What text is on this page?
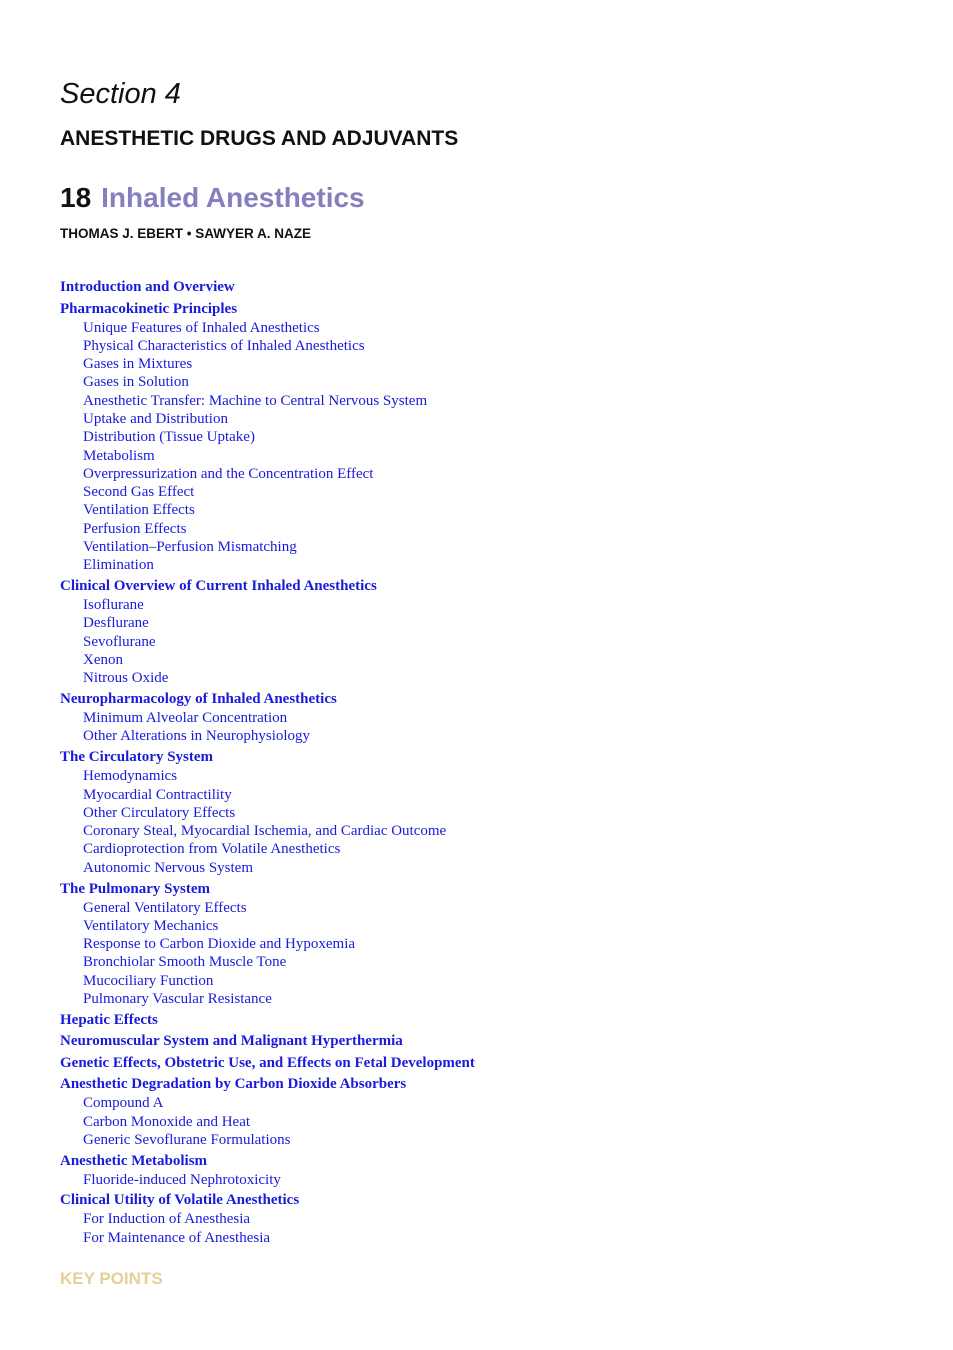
Section 4
ANESTHETIC DRUGS AND ADJUVANTS
18 Inhaled Anesthetics
THOMAS J. EBERT • SAWYER A. NAZE
Introduction and Overview
Pharmacokinetic Principles
Unique Features of Inhaled Anesthetics
Physical Characteristics of Inhaled Anesthetics
Gases in Mixtures
Gases in Solution
Anesthetic Transfer: Machine to Central Nervous System
Uptake and Distribution
Distribution (Tissue Uptake)
Metabolism
Overpressurization and the Concentration Effect
Second Gas Effect
Ventilation Effects
Perfusion Effects
Ventilation–Perfusion Mismatching
Elimination
Clinical Overview of Current Inhaled Anesthetics
Isoflurane
Desflurane
Sevoflurane
Xenon
Nitrous Oxide
Neuropharmacology of Inhaled Anesthetics
Minimum Alveolar Concentration
Other Alterations in Neurophysiology
The Circulatory System
Hemodynamics
Myocardial Contractility
Other Circulatory Effects
Coronary Steal, Myocardial Ischemia, and Cardiac Outcome
Cardioprotection from Volatile Anesthetics
Autonomic Nervous System
The Pulmonary System
General Ventilatory Effects
Ventilatory Mechanics
Response to Carbon Dioxide and Hypoxemia
Bronchiolar Smooth Muscle Tone
Mucociliary Function
Pulmonary Vascular Resistance
Hepatic Effects
Neuromuscular System and Malignant Hyperthermia
Genetic Effects, Obstetric Use, and Effects on Fetal Development
Anesthetic Degradation by Carbon Dioxide Absorbers
Compound A
Carbon Monoxide and Heat
Generic Sevoflurane Formulations
Anesthetic Metabolism
Fluoride-induced Nephrotoxicity
Clinical Utility of Volatile Anesthetics
For Induction of Anesthesia
For Maintenance of Anesthesia
KEY POINTS
